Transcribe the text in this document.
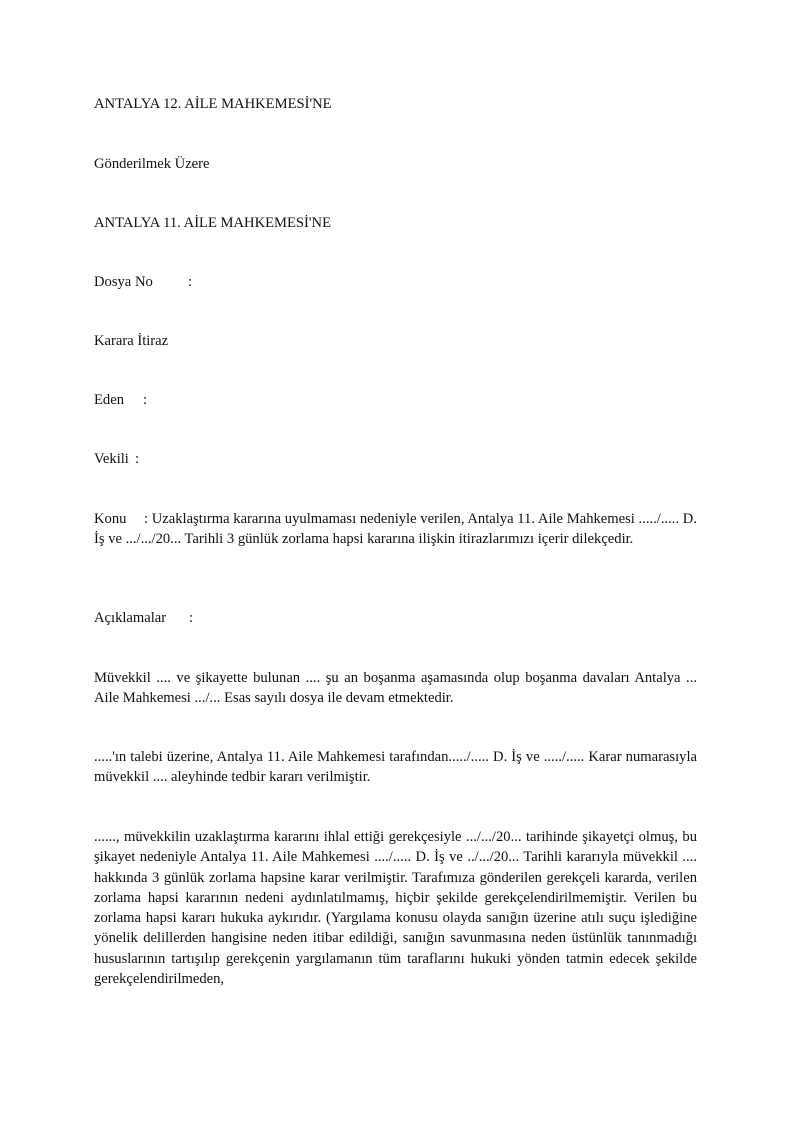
ANTALYA 12. AİLE MAHKEMESİ'NE
Gönderilmek Üzere
ANTALYA 11. AİLE MAHKEMESİ'NE
Dosya No :
Karara İtiraz
Eden :
Vekili :
Konu : Uzaklaştırma kararına uyulmaması nedeniyle verilen, Antalya 11. Aile Mahkemesi ...../..... D. İş ve .../.../20... Tarihli 3 günlük zorlama hapsi kararına ilişkin itirazlarımızı içerir dilekçedir.
Açıklamalar :
Müvekkil .... ve şikayette bulunan .... şu an boşanma aşamasında olup boşanma davaları Antalya ... Aile Mahkemesi .../... Esas sayılı dosya ile devam etmektedir.
.....'ın talebi üzerine, Antalya 11. Aile Mahkemesi tarafından...../..... D. İş ve ...../..... Karar numarasıyla müvekkil .... aleyhinde tedbir kararı verilmiştir.
......, müvekkilin uzaklaştırma kararını ihlal ettiği gerekçesiyle .../.../20... tarihinde şikayetçi olmuş, bu şikayet nedeniyle Antalya 11. Aile Mahkemesi ..../..... D. İş ve ../.../20... Tarihli kararıyla müvekkil .... hakkında 3 günlük zorlama hapsine karar verilmiştir. Tarafımıza gönderilen gerekçeli kararda, verilen zorlama hapsi kararının nedeni aydınlatılmamış, hiçbir şekilde gerekçelendirilmemiştir. Verilen bu zorlama hapsi kararı hukuka aykırıdır. (Yargılama konusu olayda sanığın üzerine atılı suçu işlediğine yönelik delillerden hangisine neden itibar edildiği, sanığın savunmasına neden üstünlük tanınmadığı hususlarının tartışılıp gerekçenin yargılamanın tüm taraflarını hukuki yönden tatmin edecek şekilde gerekçelendirilmeden,
